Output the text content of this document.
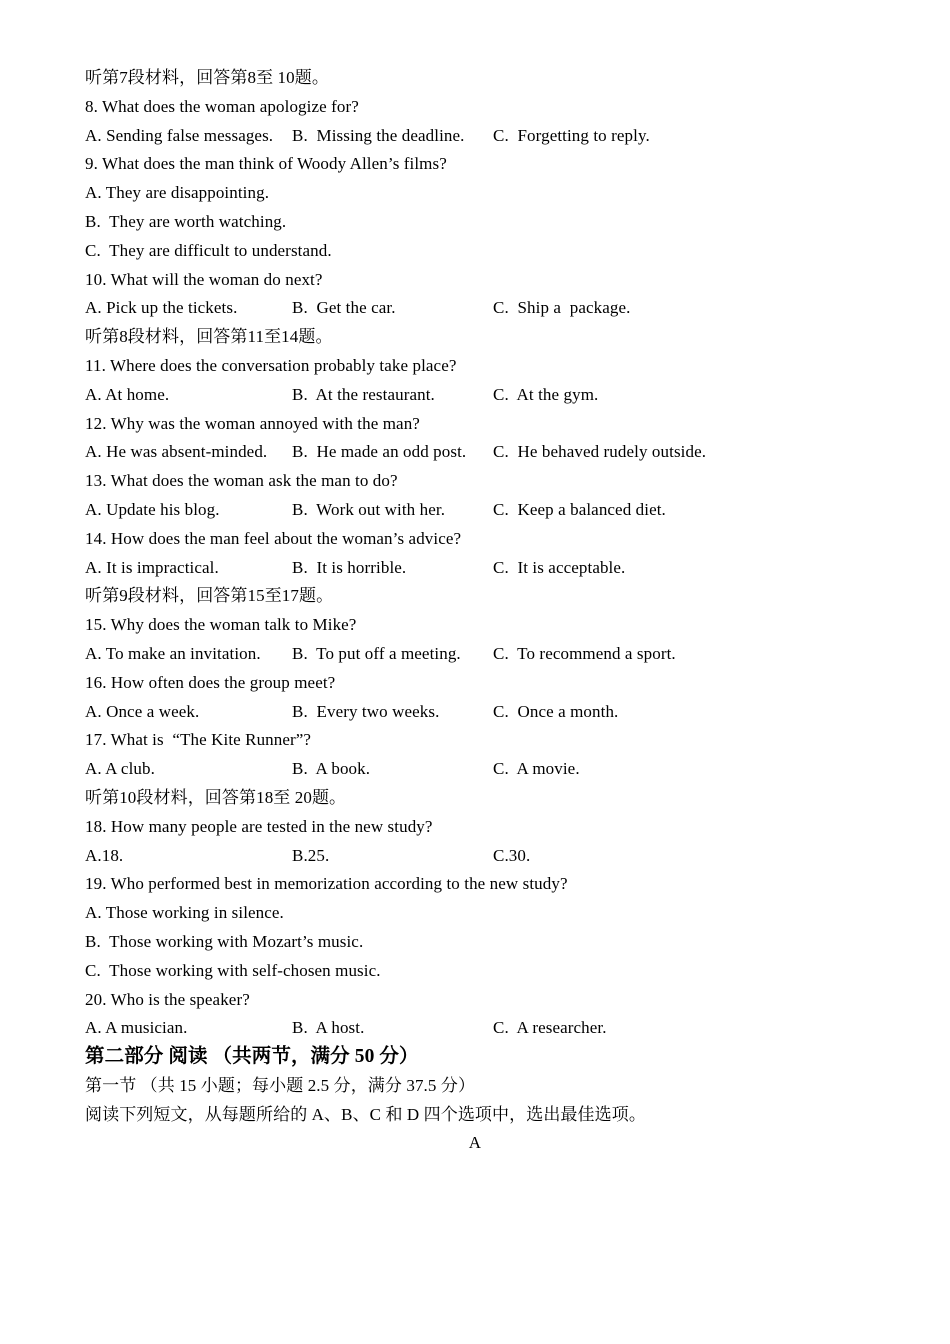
听第7段材料，回答第8至 10题。
8. What does the woman apologize for?
A. Sending false messages.	B.  Missing the deadline.	C.  Forgetting to reply.
9. What does the man think of Woody Allen’s films?
A. They are disappointing.
B.  They are worth watching.
C.  They are difficult to understand.
10. What will the woman do next?
A. Pick up the tickets.	B.  Get the car.	C.  Ship a  package.
听第8段材料，回答第11至14题。
11. Where does the conversation probably take place?
A. At home.	B.  At the restaurant.	C.  At the gym.
12. Why was the woman annoyed with the man?
A. He was absent-minded.	B.  He made an odd post.	C.  He behaved rudely outside.
13. What does the woman ask the man to do?
A. Update his blog.	B.  Work out with her.	C.  Keep a balanced diet.
14. How does the man feel about the woman’s advice?
A. It is impractical.	B.  It is horrible.	C.  It is acceptable.
听第9段材料，回答第15至17题。
15. Why does the woman talk to Mike?
A. To make an invitation.	B.  To put off a meeting.	C.  To recommend a sport.
16. How often does the group meet?
A. Once a week.	B.  Every two weeks.	C.  Once a month.
17. What is  “The Kite Runner”?
A. A club.	B.  A book.	C.  A movie.
听第10段材料，回答第18至 20题。
18. How many people are tested in the new study?
A.18.	B.25.	C.30.
19. Who performed best in memorization according to the new study?
A. Those working in silence.
B.  Those working with Mozart’s music.
C.  Those working with self-chosen music.
20. Who is the speaker?
A. A musician.	B.  A host.	C.  A researcher.
第二部分 阅读 （共两节，满分 50 分）
第一节 （共 15 小题；每小题 2.5 分，满分 37.5 分）
阅读下列短文，从每题所给的 A、B、C 和 D 四个选项中，选出最佳选项。
A
